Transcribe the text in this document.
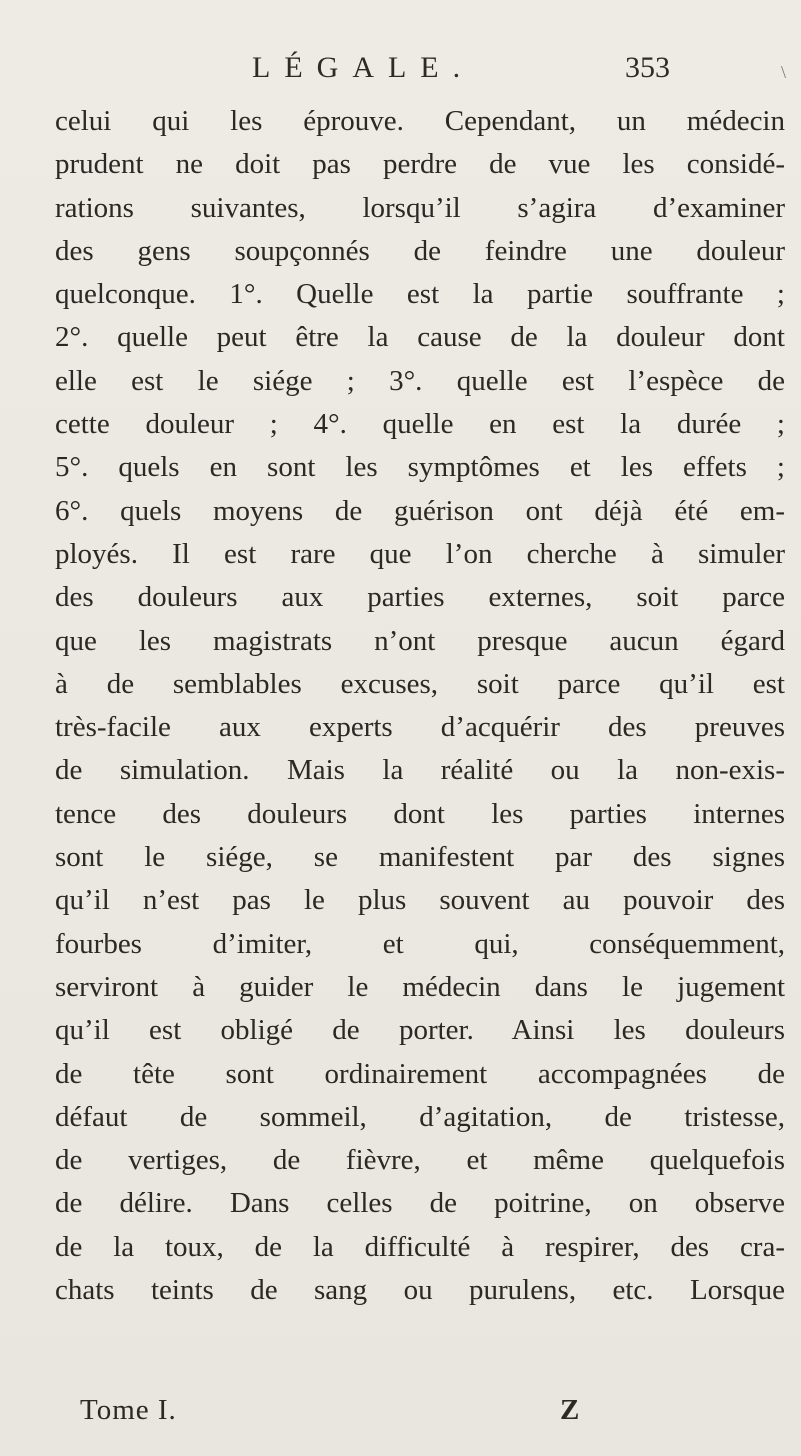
LÉGALE.	353	\
celui qui les éprouve. Cependant, un médecin
prudent ne doit pas perdre de vue les considé-
rations suivantes, lorsqu’il s’agira d’examiner
des gens soupçonnés de feindre une douleur
quelconque. 1°. Quelle est la partie souffrante ;
2°. quelle peut être la cause de la douleur dont
elle est le siége ; 3°. quelle est l’espèce de
cette douleur ; 4°. quelle en est la durée ;
5°. quels en sont les symptômes et les effets ;
6°. quels moyens de guérison ont déjà été em-
ployés. Il est rare que l’on cherche à simuler
des douleurs aux parties externes, soit parce
que les magistrats n’ont presque aucun égard
à de semblables excuses, soit parce qu’il est
très-facile aux experts d’acquérir des preuves
de simulation. Mais la réalité ou la non-exis-
tence des douleurs dont les parties internes
sont le siége, se manifestent par des signes
qu’il n’est pas le plus souvent au pouvoir des
fourbes d’imiter, et qui, conséquemment,
serviront à guider le médecin dans le jugement
qu’il est obligé de porter. Ainsi les douleurs
de tête sont ordinairement accompagnées de
défaut de sommeil, d’agitation, de tristesse,
de vertiges, de fièvre, et même quelquefois
de délire. Dans celles de poitrine, on observe
de la toux, de la difficulté à respirer, des cra-
chats teints de sang ou purulens, etc. Lorsque
Tome I.	Z
